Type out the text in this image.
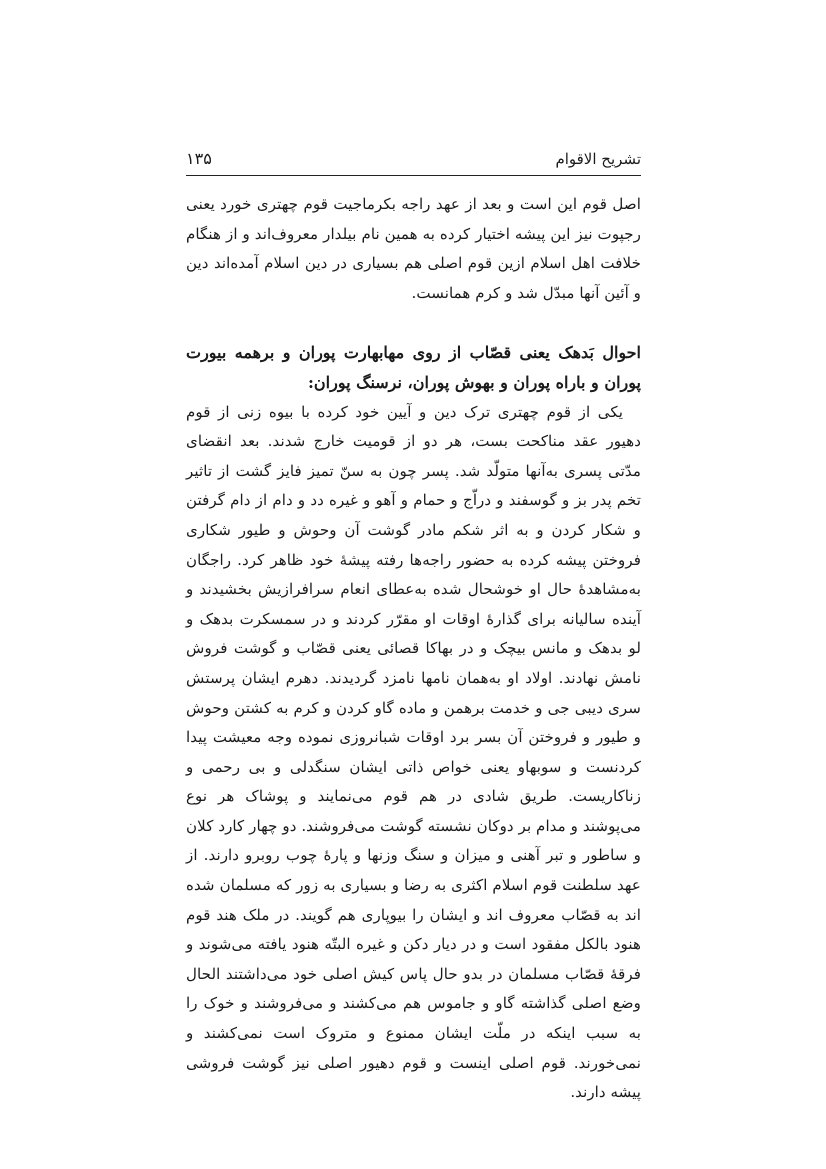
تشریح الاقوام
۱۳۵

اصل قوم این است و بعد از عهد راجه بکرماجیت قوم چهتری خورد یعنی رجپوت نیز این پیشه اختیار کرده به همین نام بیلدار معروف‌اند و از هنگام خلافت اهل اسلام ازین قوم اصلی هم بسیاری در دین اسلام آمده‌اند دین و آئین آنها مبدّل شد و کرم همانست.

احوال بَدهک یعنی قصّاب از روی مهابهارت پوران و برهمه بیورت پوران و باراه پوران و بهوش پوران، نرسنگ پوران:

یکی از قوم چهتری ترک دین و آیین خود کرده با بیوه زنی از قوم دهیور عقد مناکحت بست، هر دو از قومیت خارج شدند. بعد انقضای مدّتی پسری به‌آنها متولّد شد. پسر چون به سنّ تمیز فایز گشت از تاثیر تخم پدر بز و گوسفند و دراّج و حمام و آهو و غیره دد و دام از دام گرفتن و شکار کردن و به اثر شکم مادر گوشت آن وحوش و طیور شکاری فروختن پیشه کرده به حضور راجه‌ها رفته پیشهٔ خود ظاهر کرد. راجگان به‌مشاهدهٔ حال او خوشحال شده به‌عطای انعام سرافرازیش بخشیدند و آینده سالیانه برای گذارهٔ اوقات او مقرّر کردند و در سمسکرت بدهک و لو بدهک و مانس بیچک و در بهاکا قصائی یعنی قصّاب و گوشت فروش نامش نهادند. اولاد او به‌همان نامها نامزد گردیدند. دهرم ایشان پرستش سری دیبی جی و خدمت برهمن و ماده گاو کردن و کرم به کشتن وحوش و طیور و فروختن آن بسر برد اوقات شبانروزی نموده وجه معیشت پیدا کردنست و سوبهاو یعنی خواص ذاتی ایشان سنگدلی و بی رحمی و زناکاریست. طریق شادی در هم قوم می‌نمایند و پوشاک هر نوع می‌پوشند و مدام بر دوکان نشسته گوشت می‌فروشند. دو چهار کارد کلان و ساطور و تبر آهنی و میزان و سنگ وزنها و پارهٔ چوب روبرو دارند. از عهد سلطنت قوم اسلام اکثری به رضا و بسیاری به زور که مسلمان شده اند به قصّاب معروف اند و ایشان را بیوپاری هم گویند. در ملک هند قوم هنود بالکل مفقود است و در دیار دکن و غیره البتّه هنود یافته می‌شوند و فرقهٔ قصّاب مسلمان در بدو حال پاس کیش اصلی خود می‌داشتند الحال وضع اصلی گذاشته گاو و جاموس هم می‌کشند و می‌فروشند و خوک را به سبب اینکه در ملّت ایشان ممنوع و متروک است نمی‌کشند و نمی‌خورند. قوم اصلی اینست و قوم دهیور اصلی نیز گوشت فروشی پیشه دارند.
